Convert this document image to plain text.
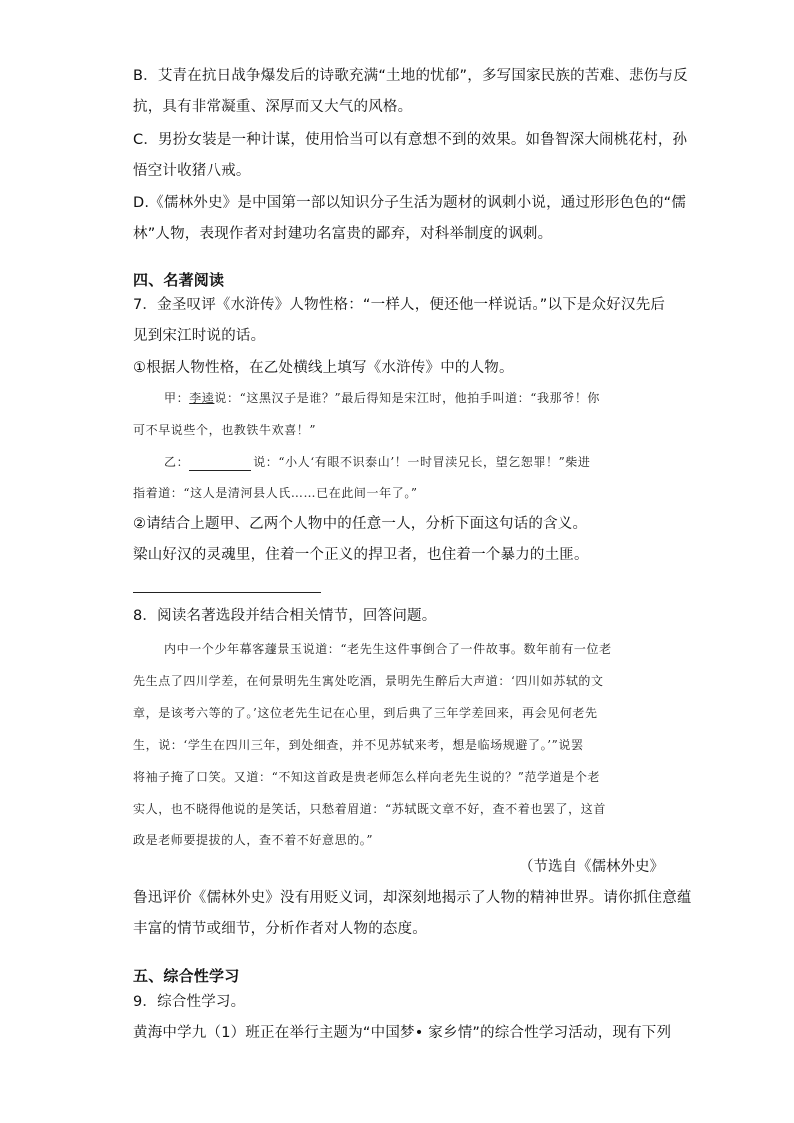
B．艾青在抗日战争爆发后的诗歌充满“土地的忧郁”，多写国家民族的苦难、悲伤与反
抗，具有非常凝重、深厚而又大气的风格。
C．男扮女装是一种计谋，使用恰当可以有意想不到的效果。如鲁智深大闹桃花村，孙
悟空计收猪八戒。
D.《儒林外史》是中国第一部以知识分子生活为题材的讽刺小说，通过形形色色的“儒
林”人物，表现作者对封建功名富贵的鄙弃，对科举制度的讽刺。
四、名著阅读
7．金圣叹评《水浒传》人物性格：“一样人，便还他一样说话。”以下是众好汉先后
见到宋江时说的话。
①根据人物性格，在乙处横线上填写《水浒传》中的人物。
甲：李逵说：“这黑汉子是谁？”最后得知是宋江时，他拍手叫道：“我那爷！你
可不早说些个，也教铁牛欢喜！”
乙：	说：“小人‘有眼不识泰山’！一时冒渎兄长，望乞恕罪！”柴进
指着道：“这人是清河县人氏……已在此间一年了。”
②请结合上题甲、乙两个人物中的任意一人，分析下面这句话的含义。
梁山好汉的灵魂里，住着一个正义的捍卫者，也住着一个暴力的土匪。
8．阅读名著选段并结合相关情节，回答问题。
内中一个少年幕客蘧景玉说道：“老先生这件事倒合了一件故事。数年前有一位老
先生点了四川学差，在何景明先生寓处吃酒，景明先生醉后大声道：‘四川如苏轼的文
章，是该考六等的了。’这位老先生记在心里，到后典了三年学差回来，再会见何老先
生，说：‘学生在四川三年，到处细查，并不见苏轼来考，想是临场规避了。’”说罢
将袖子掩了口笑。又道：“不知这首政是贵老师怎么样向老先生说的？”范学道是个老
实人，也不晓得他说的是笑话，只愁着眉道：“苏轼既文章不好，查不着也罢了，这首
政是老师要提拔的人，查不着不好意思的。”
（节选自《儒林外史》
鲁迅评价《儒林外史》没有用贬义词，却深刻地揭示了人物的精神世界。请你抓住意蕴
丰富的情节或细节，分析作者对人物的态度。
五、综合性学习
9．综合性学习。
黄海中学九（1）班正在举行主题为“中国梦• 家乡情”的综合性学习活动，现有下列
